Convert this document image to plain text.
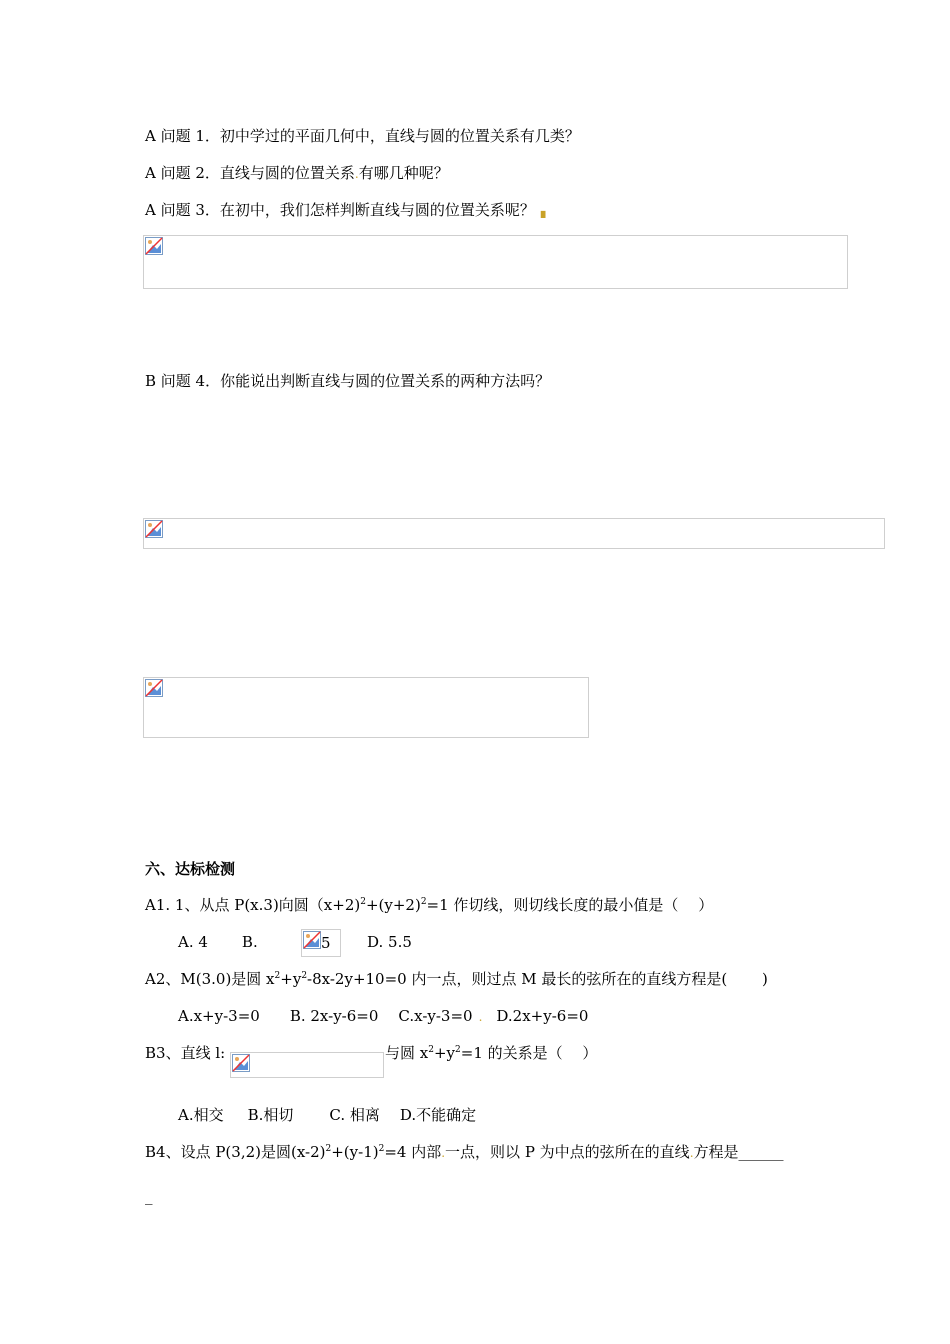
A 问题 1．初中学过的平面几何中，直线与圆的位置关系有几类？
A 问题 2．直线与圆的位置关系.有哪几种呢？
A 问题 3．在初中，我们怎样判断直线与圆的位置关系呢？ ▖
B 问题 4．你能说出判断直线与圆的位置关系的两种方法吗？
六、达标检测
A1. 1、从点 P(x.3)向圆$(x+2)^2+(y+2)^2=1$ 作切线，则切线长度的最小值是（　 ）
A. 4 B.	5 D. 5.5
A2、M(3.0)是圆 $x^2+y^2-8x-2y+10=0$ 内一点，则过点 M 最长的弦所在的直线方程是(　　 )
A.x+y-3=0 B. 2x-y-6=0 C.x-y-3=0 . D.2x+y-6=0
B3、直线 l:	与圆 $x^2+y^2=1$ 的关系是（　 ）
A.相交 B.相切 C. 相离 D.不能确定
B4、设点 P(3,2)是圆$(x-2)^2+(y-1)^2=4$ 内部.一点，则以 P 为中点的弦所在的直线.方程是______
_
